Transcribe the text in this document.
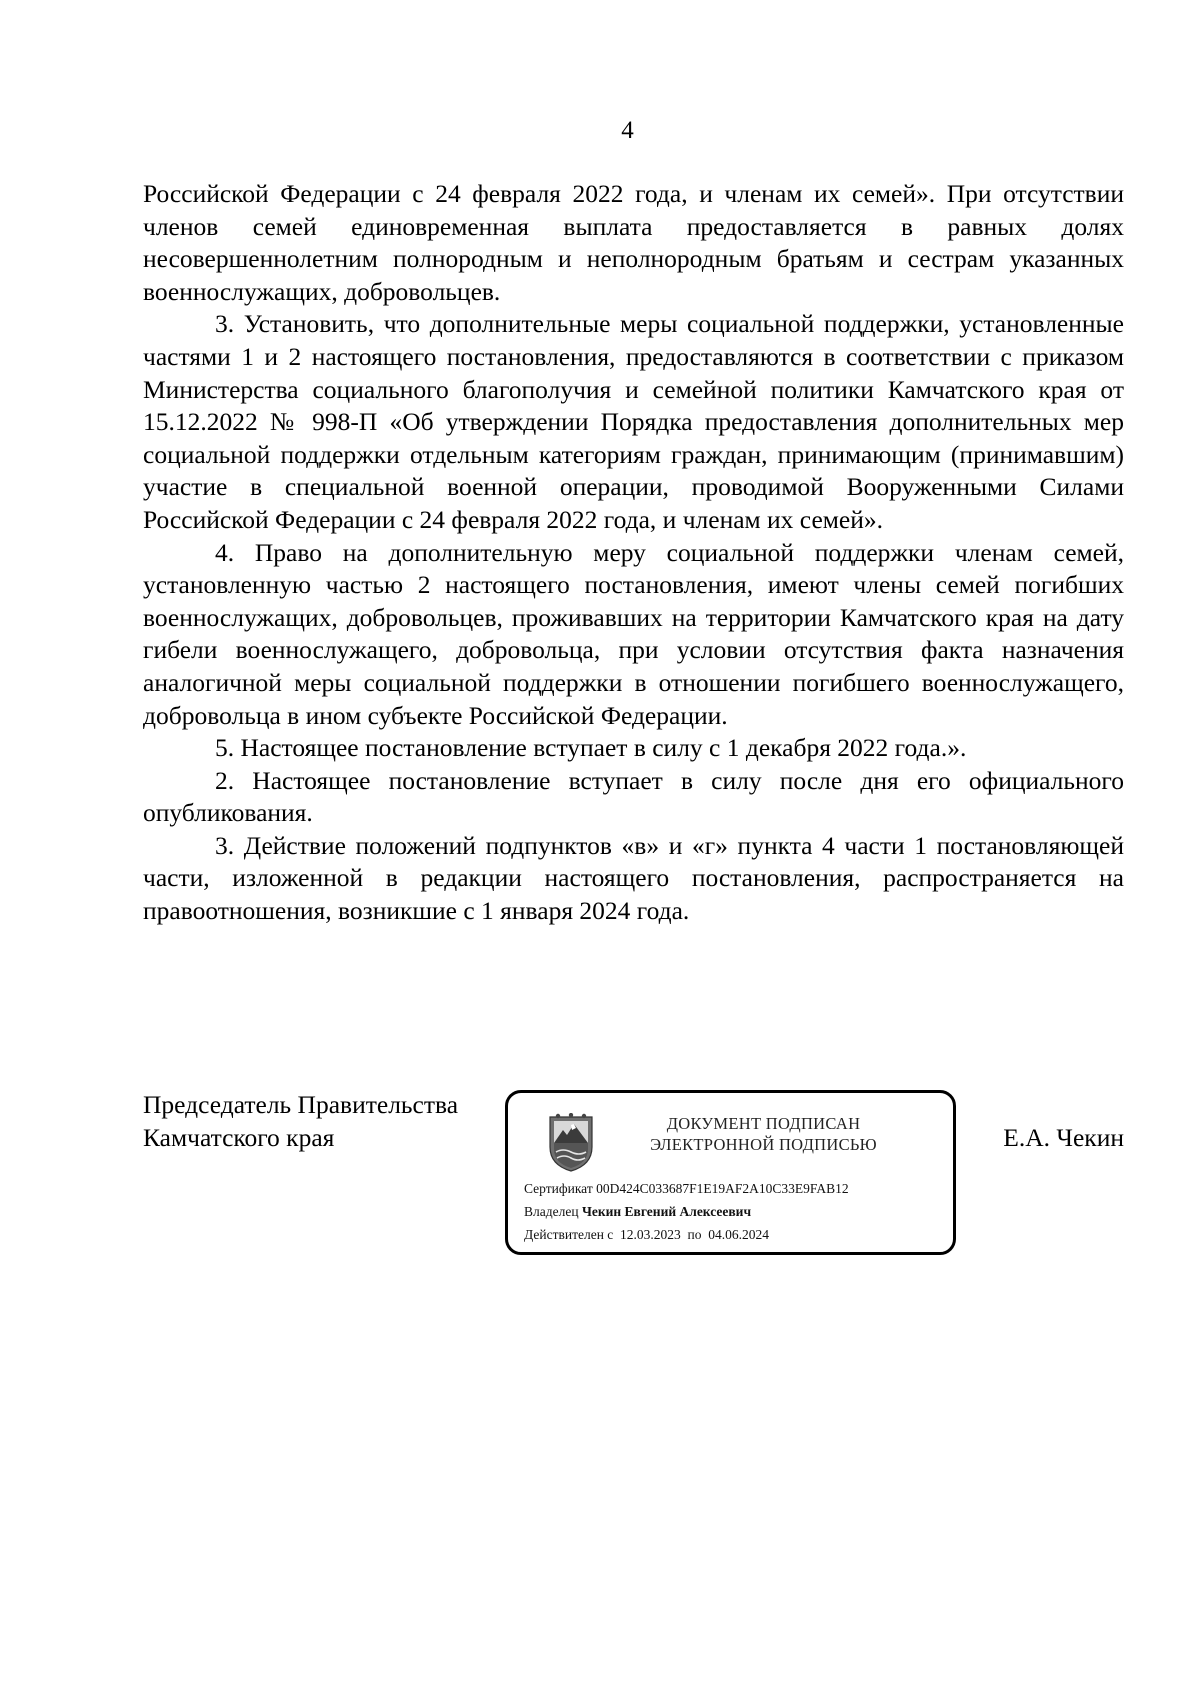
4

Российской Федерации с 24 февраля 2022 года, и членам их семей». При отсутствии членов семей единовременная выплата предоставляется в равных долях несовершеннолетним полнородным и неполнородным братьям и сестрам указанных военнослужащих, добровольцев.

3. Установить, что дополнительные меры социальной поддержки, установленные частями 1 и 2 настоящего постановления, предоставляются в соответствии с приказом Министерства социального благополучия и семейной политики Камчатского края от 15.12.2022 № 998-П «Об утверждении Порядка предоставления дополнительных мер социальной поддержки отдельным категориям граждан, принимающим (принимавшим) участие в специальной военной операции, проводимой Вооруженными Силами Российской Федерации с 24 февраля 2022 года, и членам их семей».

4. Право на дополнительную меру социальной поддержки членам семей, установленную частью 2 настоящего постановления, имеют члены семей погибших военнослужащих, добровольцев, проживавших на территории Камчатского края на дату гибели военнослужащего, добровольца, при условии отсутствия факта назначения аналогичной меры социальной поддержки в отношении погибшего военнослужащего, добровольца в ином субъекте Российской Федерации.

5. Настоящее постановление вступает в силу с 1 декабря 2022 года.».

2. Настоящее постановление вступает в силу после дня его официального опубликования.

3. Действие положений подпунктов «в» и «г» пункта 4 части 1 постановляющей части, изложенной в редакции настоящего постановления, распространяется на правоотношения, возникшие с 1 января 2024 года.

Председатель Правительства
Камчатского края	ДОКУМЕНТ ПОДПИСАН
ЭЛЕКТРОННОЙ ПОДПИСЬЮ
Сертификат 00D424C033687F1E19AF2A10C33E9FAB12
Владелец Чекин Евгений Алексеевич
Действителен с 12.03.2023 по 04.06.2024
Е.А. Чекин
